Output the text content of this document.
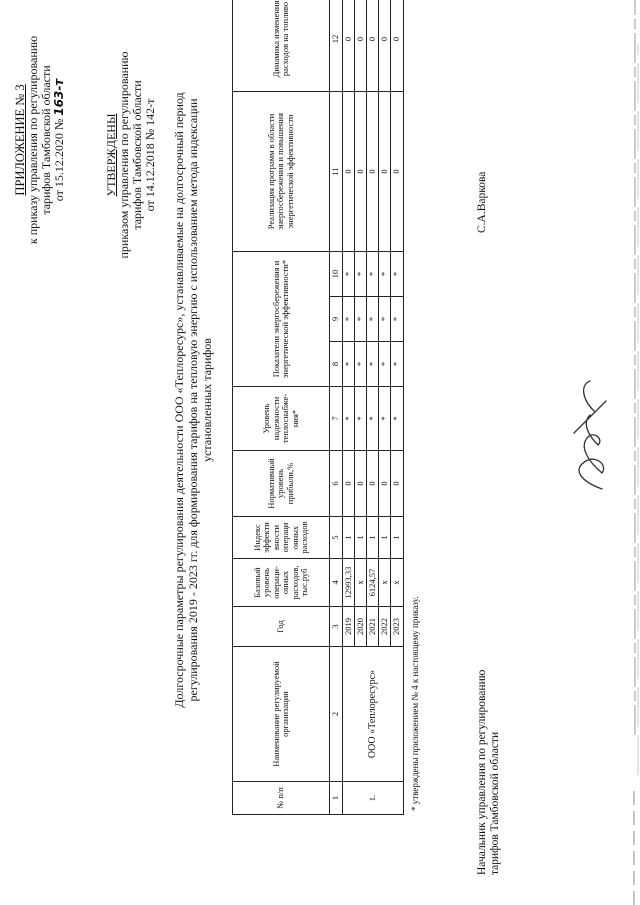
ПРИЛОЖЕНИЕ № 3 к приказу управления по регулированию тарифов Тамбовской области от 15.12.2020 № 163-т
УТВЕРЖДЕНЫ приказом управления по регулированию тарифов Тамбовской области от 14.12.2018 № 142-т Долгосрочные параметры регулирования деятельности ООО «Теплоресурс», устанавливаемые на долгосрочный период регулирования 2019 - 2023 гг. для формирования тарифов на тепловую энергию с использованием метода индексации установленных тарифов
№ п/п	Наименование регулируемой организации	Год	Базовый уровень операци-онных расходов, тыс.руб	Индекс эффекти вности операци онных расходов	Нормативный уровень прибыли,%	Уровень надежности теплоснабже-ния*	Показатели энергосбережения и энергетической эффективности*			Реализация программ в области энергосбережения и повышения энергетической эффективности	Динамика изменения расходов на топливо

1	2	3	4	5	6	7	8	9	10	11	12
1.	ООО «Теплоресурс»	2019	12993,33	1	0	*	*	*	*	0	0
		2020	x	1	0	*	*	*	*	0	0
		2021	6124,57	1	0	*	*	*	*	0	0
		2022	x	1	0	*	*	*	*	0	0
		2023	x	1	0	*	*	*	*	0	0
* утверждены приложением № 4 к настоящему приказу.	Начальник управления по регулированию тарифов Тамбовской области
С.А.Варкова
